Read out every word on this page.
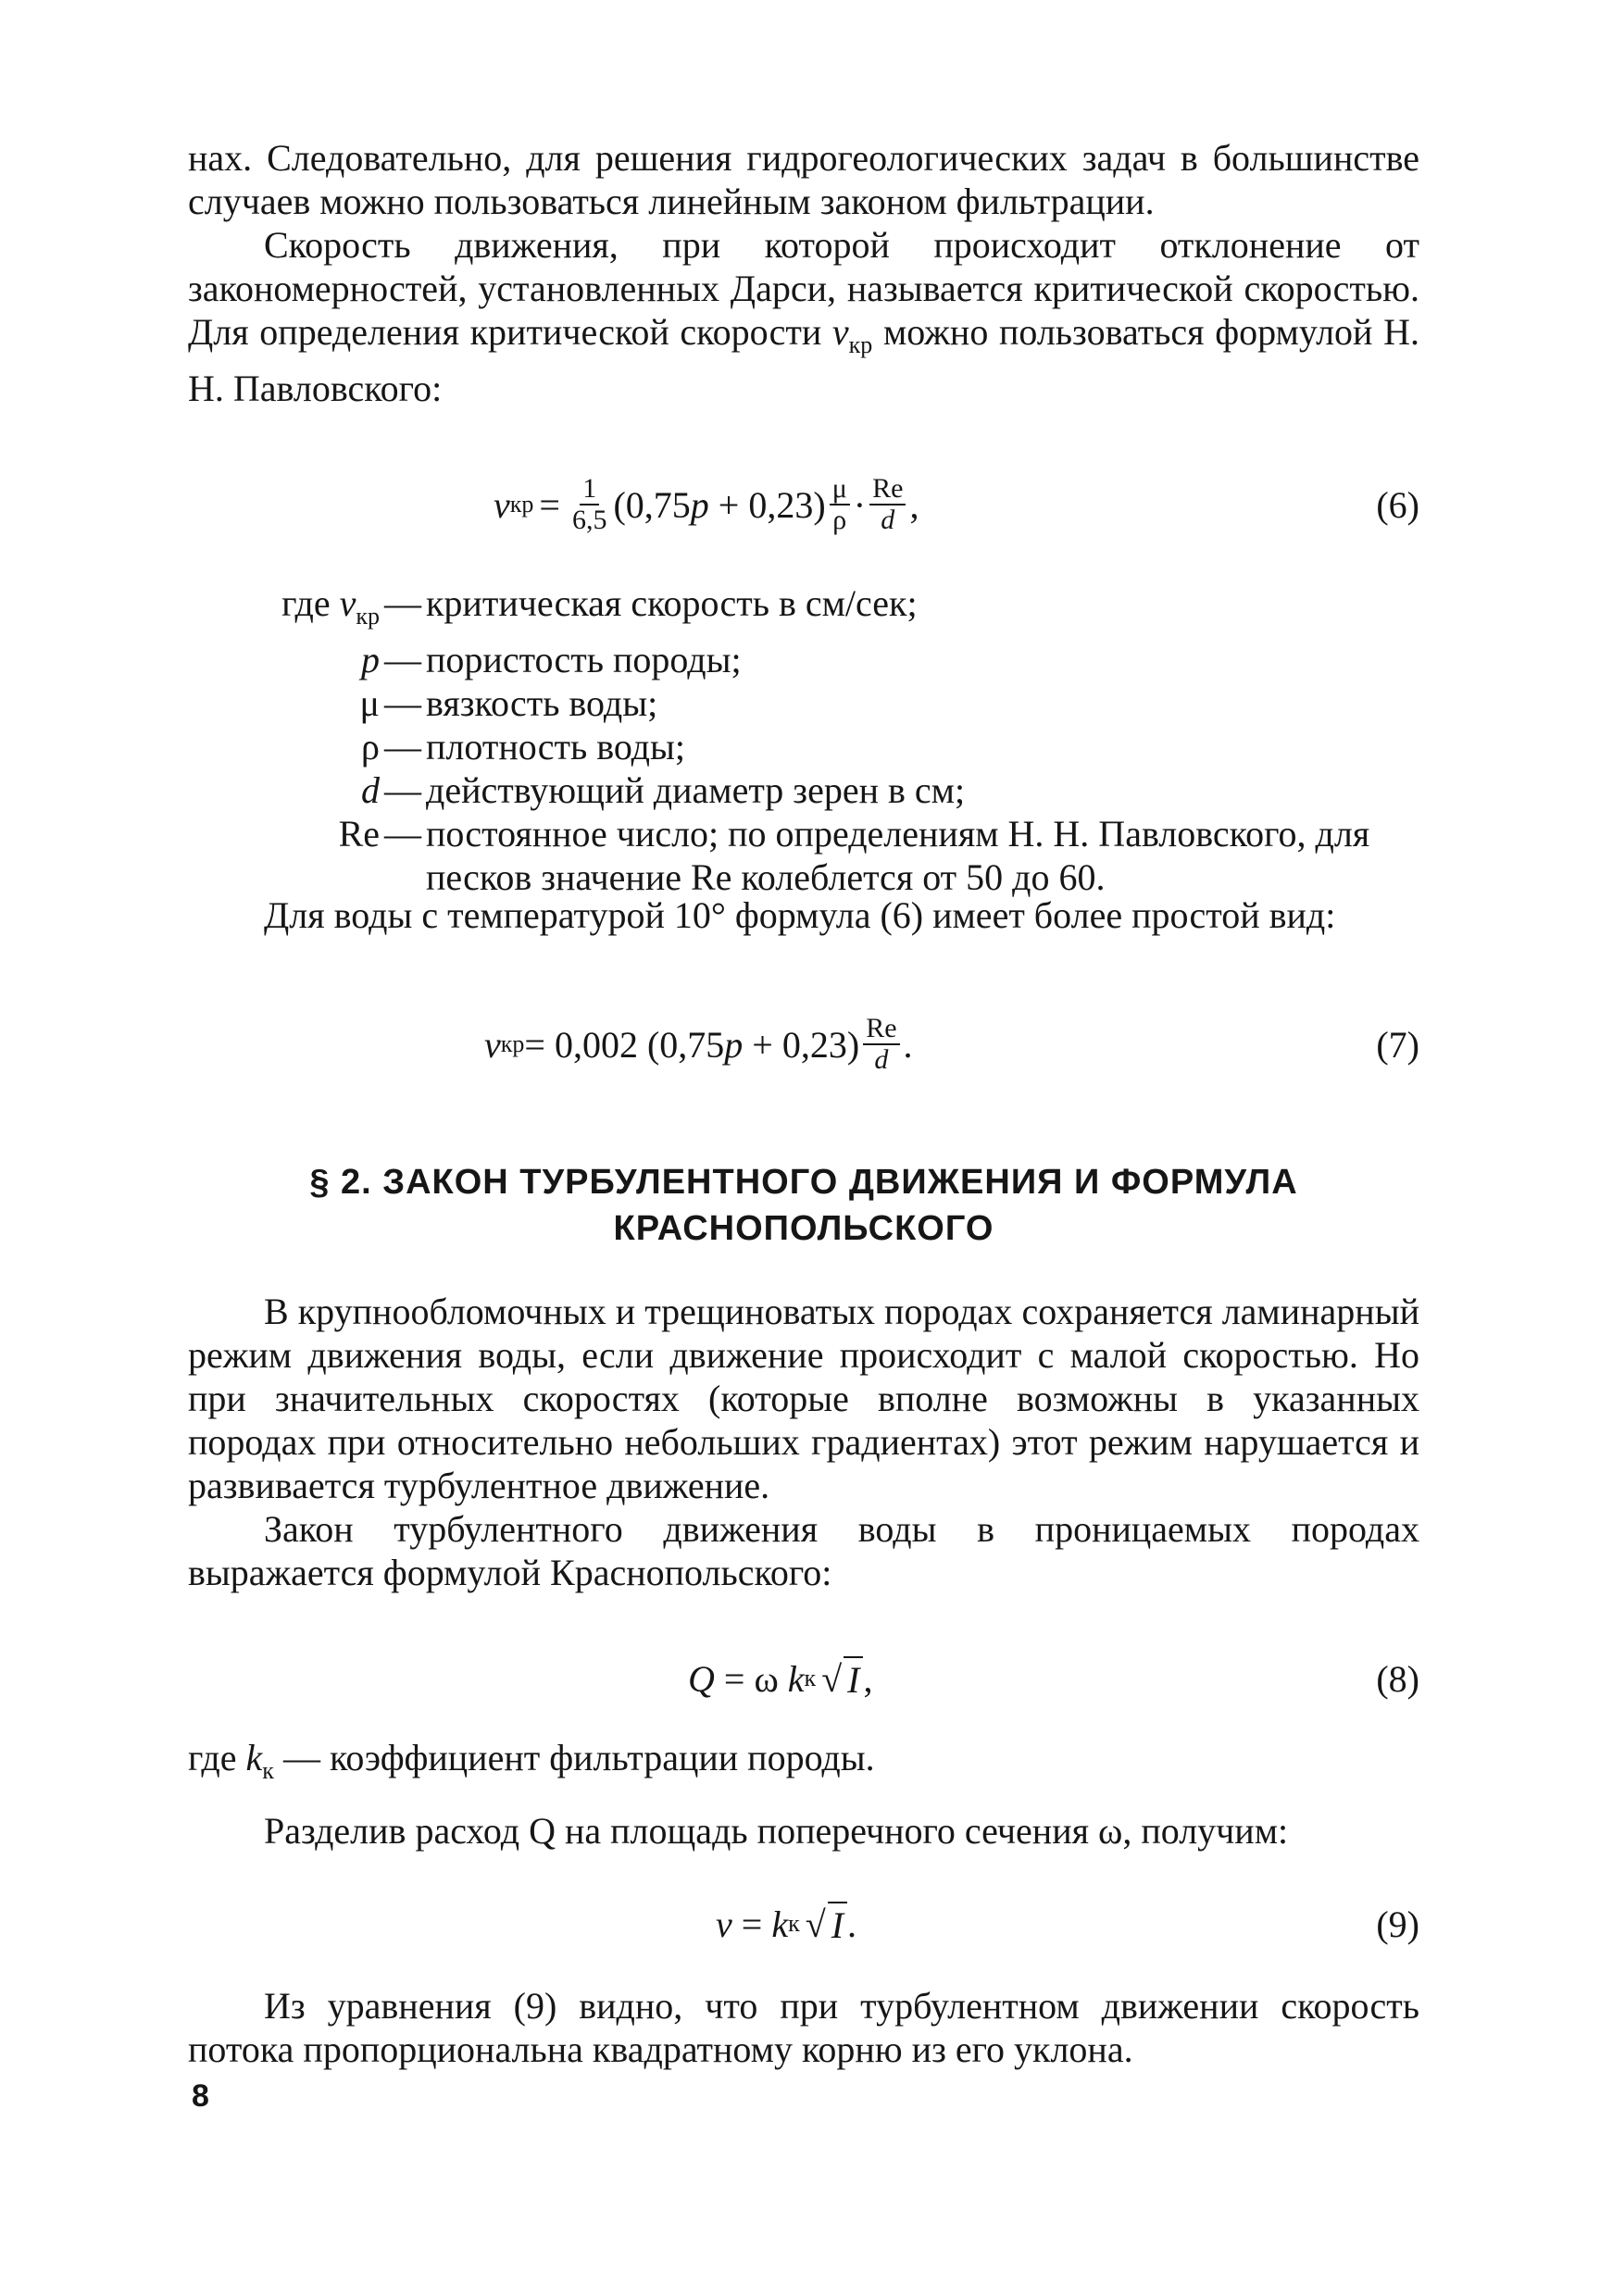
нах. Следовательно, для решения гидрогеологических задач в большинстве случаев можно пользоваться линейным законом фильтрации.

Скорость движения, при которой происходит отклонение от закономерностей, установленных Дарси, называется критической скоростью. Для определения критической скорости $v_{кр}$ можно пользоваться формулой Н. Н. Павловского:

v кр = $\frac{1}{6,5} (0,75$ $p + 0,23) \frac{\mu}{\rho} \cdot \frac{Re}{d}$ ,	(6)
где $v_{кр}$ — критическая скорость в см/сек;
p — пористость породы;
μ — вязкость воды;
ρ — плотность воды;
d — действующий диаметр зерен в см;
Re — постоянное число; по определениям Н. Н. Павловского, для песков значение Re колеблется от 50 до 60.

Для воды с температурой 10° формула (6) имеет более простой вид:

v кр = 0,002 (0,75 $p + 0,23) \frac{Re}{d}$ .	(7)
§ 2. ЗАКОН ТУРБУЛЕНТНОГО ДВИЖЕНИЯ И ФОРМУЛА
КРАСНОПОЛЬСКОГО

В крупнообломочных и трещиноватых породах сохраняется ламинарный режим движения воды, если движение происходит с малой скоростью. Но при значительных скоростях (которые вполне возможны в указанных породах при относительно небольших градиентах) этот режим нарушается и развивается турбулентное движение.

Закон турбулентного движения воды в проницаемых породах выражается формулой Краснопольского:

Q = ω k к √ I ,	(8)

где $k_к$ — коэффициент фильтрации породы.

Разделив расход Q на площадь поперечного сечения ω, получим:

v = k к √ I .	(9)

Из уравнения (9) видно, что при турбулентном движении скорость потока пропорциональна квадратному корню из его уклона.

8
